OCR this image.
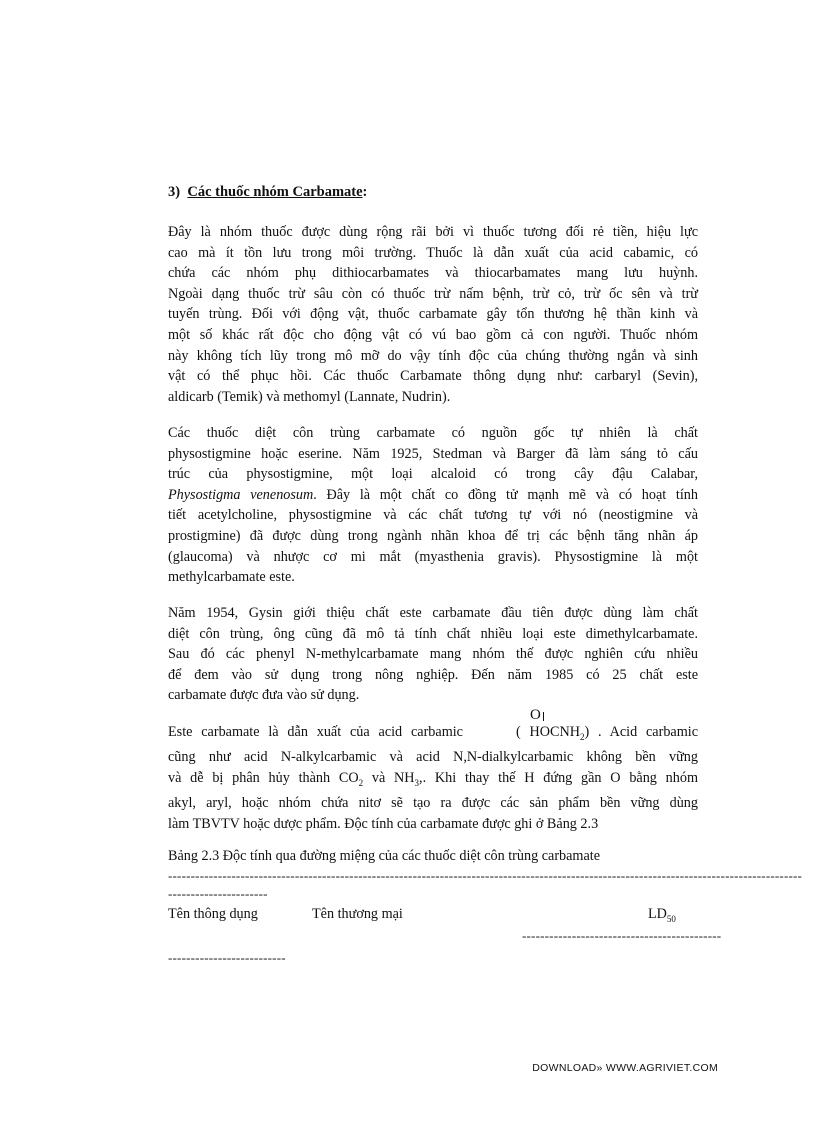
3) Các thuốc nhóm Carbamate:
Đây là nhóm thuốc được dùng rộng rãi bởi vì thuốc tương đối rẻ tiền, hiệu lực
cao mà ít tồn lưu trong môi trường. Thuốc là dẫn xuất của acid cabamic, có
chứa các nhóm phụ dithiocarbamates và thiocarbamates mang lưu huỳnh.
Ngoài dạng thuốc trừ sâu còn có thuốc trừ nấm bệnh, trừ cỏ, trừ ốc sên và trừ
tuyến trùng. Đối với động vật, thuốc carbamate gây tổn thương hệ thần kinh và
một số khác rất độc cho động vật có vú bao gồm cả con người. Thuốc nhóm
này không tích lũy trong mô mỡ do vậy tính độc của chúng thường ngắn và sinh
vật có thể phục hồi. Các thuốc Carbamate thông dụng như: carbaryl (Sevin),
aldicarb (Temik) và methomyl (Lannate, Nudrin).
Các thuốc diệt côn trùng carbamate có nguồn gốc tự nhiên là chất
physostigmine hoặc eserine. Năm 1925, Stedman và Barger đã làm sáng tỏ cấu
trúc của physostigmine, một loại alcaloid có trong cây đậu Calabar,
Physostigma venenosum. Đây là một chất co đồng tử mạnh mẽ và có hoạt tính
tiết acetylcholine, physostigmine và các chất tương tự với nó (neostigmine và
prostigmine) đã được dùng trong ngành nhãn khoa để trị các bệnh tăng nhãn áp
(glaucoma) và nhược cơ mi mắt (myasthenia gravis). Physostigmine là một
methylcarbamate este.
Năm 1954, Gysin giới thiệu chất este carbamate đầu tiên được dùng làm chất
diệt côn trùng, ông cũng đã mô tả tính chất nhiều loại este dimethylcarbamate.
Sau đó các phenyl N-methylcarbamate mang nhóm thế được nghiên cứu nhiều
để đem vào sử dụng trong nông nghiệp. Đến năm 1985 có 25 chất este
carbamate được đưa vào sử dụng.
O
Este carbamate là dẫn xuất của acid carbamic	( $HOCNH_2$) . Acid carbamic
cũng như acid N-alkylcarbamic và acid N,N-dialkylcarbamic không bền vững
và dễ bị phân hủy thành $CO_2$ và $NH_3$,. Khi thay thế H đứng gần O bằng nhóm
akyl, aryl, hoặc nhóm chứa nitơ sẽ tạo ra được các sản phẩm bền vững dùng
làm TBVTV hoặc dược phẩm. Độc tính của carbamate được ghi ở Bảng 2.3
Bảng 2.3 Độc tính qua đường miệng của các thuốc diệt côn trùng carbamate
--------------------------------------------------------------------------------------------------------------------------------------------
----------------------
Tên thông dụng	Tên thương mại	$LD_{50}$
--------------------------------------------
--------------------------
DOWNLOAD» WWW.AGRIVIET.COM
